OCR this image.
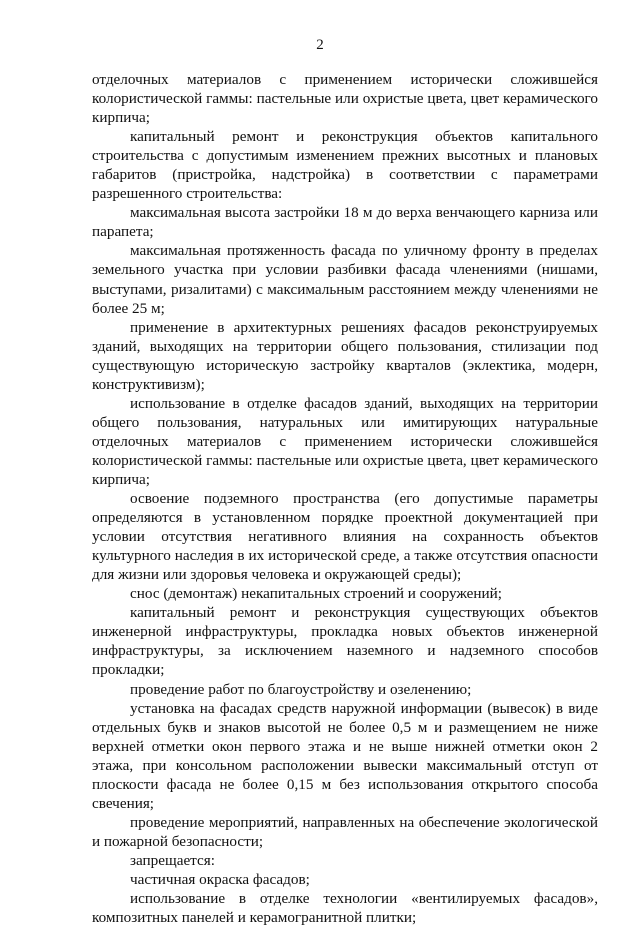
2

отделочных материалов с применением исторически сложившейся колористической гаммы: пастельные или охристые цвета, цвет керамического кирпича;

капитальный ремонт и реконструкция объектов капитального строительства с допустимым изменением прежних высотных и плановых габаритов (пристройка, надстройка) в соответствии с параметрами разрешенного строительства:

максимальная высота застройки 18 м до верха венчающего карниза или парапета;

максимальная протяженность фасада по уличному фронту в пределах земельного участка при условии разбивки фасада членениями (нишами, выступами, ризалитами) с максимальным расстоянием между членениями не более 25 м;

применение в архитектурных решениях фасадов реконструируемых зданий, выходящих на территории общего пользования, стилизации под существующую историческую застройку кварталов (эклектика, модерн, конструктивизм);

использование в отделке фасадов зданий, выходящих на территории общего пользования, натуральных или имитирующих натуральные отделочных материалов с применением исторически сложившейся колористической гаммы: пастельные или охристые цвета, цвет керамического кирпича;

освоение подземного пространства (его допустимые параметры определяются в установленном порядке проектной документацией при условии отсутствия негативного влияния на сохранность объектов культурного наследия в их исторической среде, а также отсутствия опасности для жизни или здоровья человека и окружающей среды);

снос (демонтаж) некапитальных строений и сооружений;

капитальный ремонт и реконструкция существующих объектов инженерной инфраструктуры, прокладка новых объектов инженерной инфраструктуры, за исключением наземного и надземного способов прокладки;

проведение работ по благоустройству и озеленению;

установка на фасадах средств наружной информации (вывесок) в виде отдельных букв и знаков высотой не более 0,5 м и размещением не ниже верхней отметки окон первого этажа и не выше нижней отметки окон 2 этажа, при консольном расположении вывески максимальный отступ от плоскости фасада не более 0,15 м без использования открытого способа свечения;

проведение мероприятий, направленных на обеспечение экологической и пожарной безопасности;

запрещается:

частичная окраска фасадов;

использование в отделке технологии «вентилируемых фасадов», композитных панелей и керамогранитной плитки;
